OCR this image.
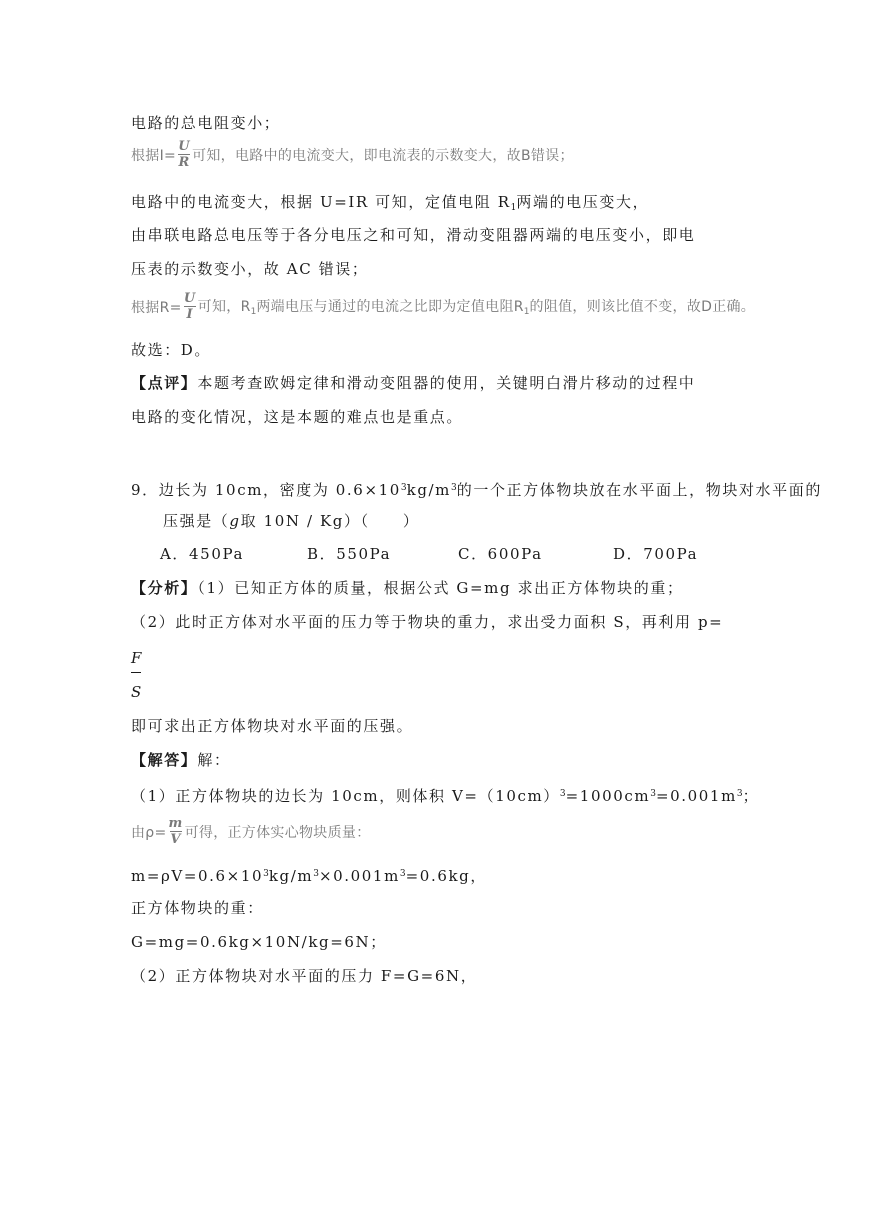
电路的总电阻变小；
根据$I= \frac{U}{R}$ 可知，电路中的电流变大，即电流表的示数变大，故B错误；
电路中的电流变大，根据 U=IR 可知，定值电阻 $R_1$两端的电压变大，
由串联电路总电压等于各分电压之和可知，滑动变阻器两端的电压变小，即电
压表的示数变小，故 AC 错误；
根据$R= \frac{U}{I}$ 可知，$R_1$两端电压与通过的电流之比即为定值电阻$R_1$的阻值，则该比值不变，故D正确。
故选：D。
【点评】本题考查欧姆定律和滑动变阻器的使用，关键明白滑片移动的过程中
电路的变化情况，这是本题的难点也是重点。
9．边长为 10cm，密度为 $0.6\times 10^3kg/m^3$的一个正方体物块放在水平面上，物块对水平面的
压强是（g取 10N / Kg）（　　）
A．450Pa	B．550Pa	C．600Pa	D．700Pa
【分析】（1）已知正方体的质量，根据公式 G=mg 求出正方体物块的重；
（2）此时正方体对水平面的压力等于物块的重力，求出受力面积 S，再利用 p=
F
S
即可求出正方体物块对水平面的压强。
【解答】解：
（1）正方体物块的边长为 10cm，则体积 $V=(10cm)^3=1000cm^3=0.001m^3$；
由$\rho= \frac{m}{V}$ 可得，正方体实心物块质量：
$m=\rho V=0.6\times 10^3kg/m^3\times 0.001m^3=0.6kg$，
正方体物块的重：
G=mg=0.6kg×10N/kg=6N；
（2）正方体物块对水平面的压力 F=G=6N，
